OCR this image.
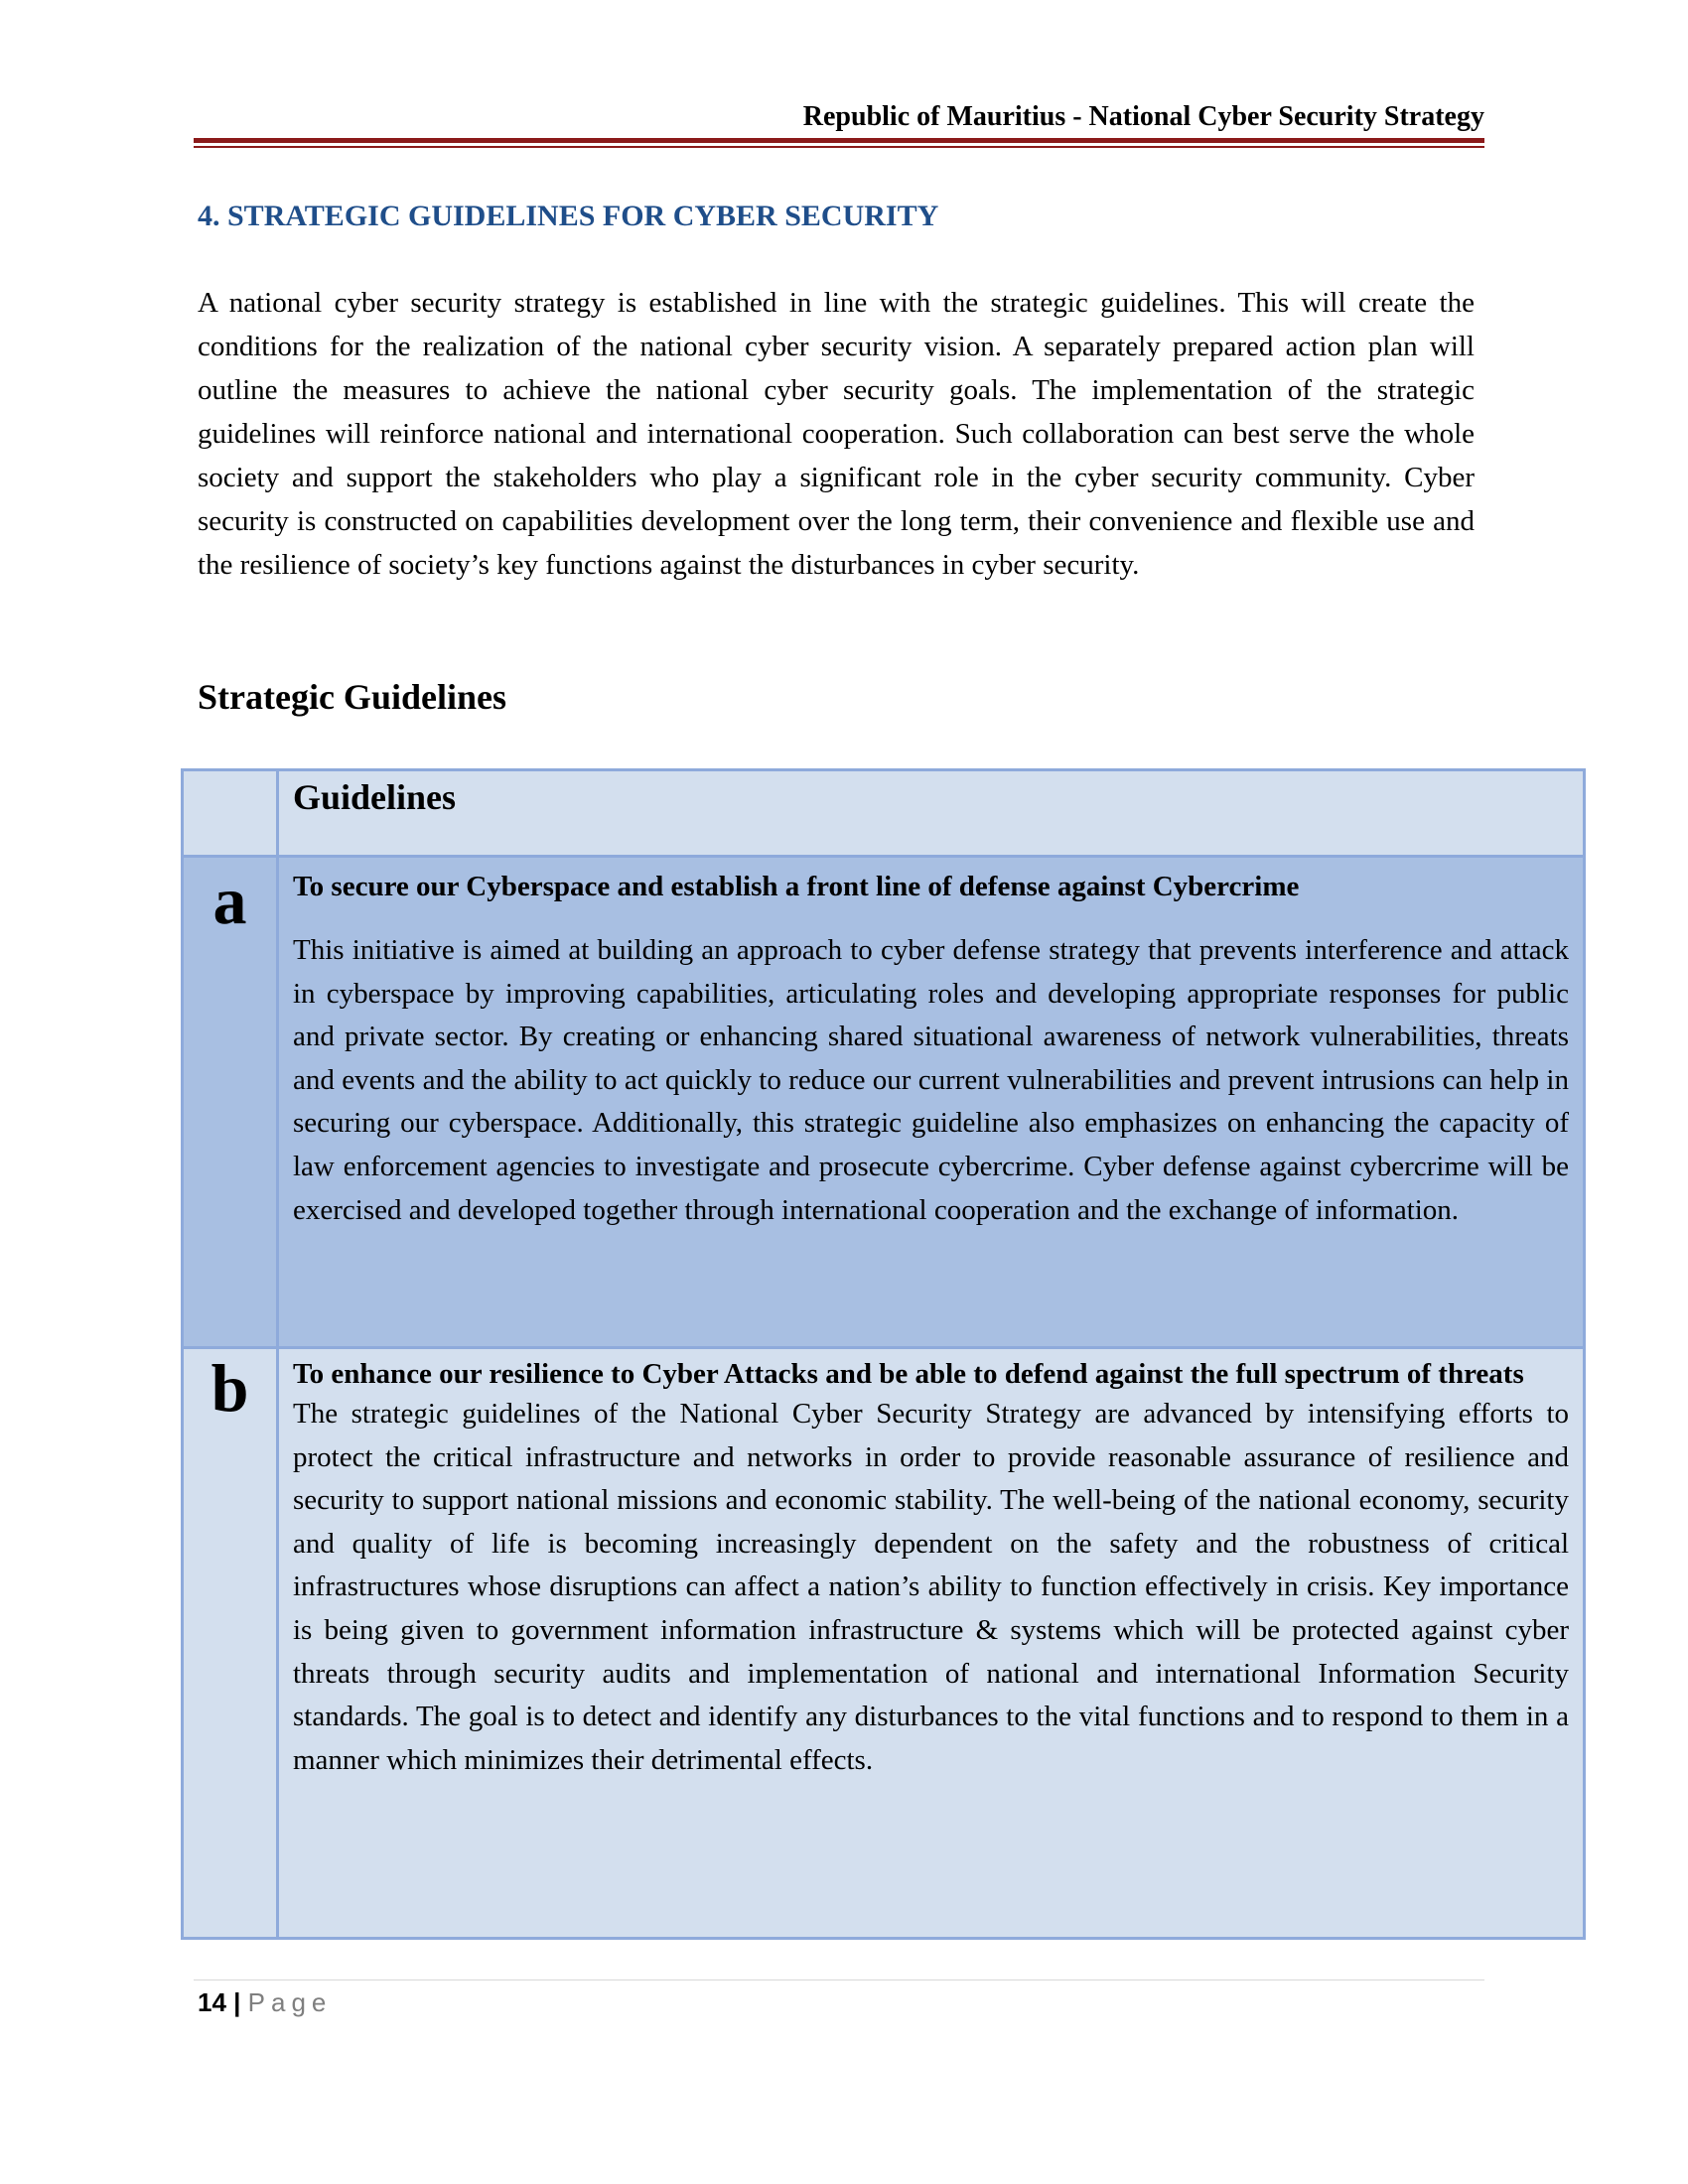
Republic of Mauritius - National Cyber Security Strategy
4. STRATEGIC GUIDELINES FOR CYBER SECURITY

A national cyber security strategy is established in line with the strategic guidelines. This will create the conditions for the realization of the national cyber security vision. A separately prepared action plan will outline the measures to achieve the national cyber security goals. The implementation of the strategic guidelines will reinforce national and international cooperation. Such collaboration can best serve the whole society and support the stakeholders who play a significant role in the cyber security community. Cyber security is constructed on capabilities development over the long term, their convenience and flexible use and the resilience of society’s key functions against the disturbances in cyber security.

Strategic Guidelines

	Guidelines

a	To secure our Cyberspace and establish a front line of defense against Cybercrime

This initiative is aimed at building an approach to cyber defense strategy that prevents interference and attack in cyberspace by improving capabilities, articulating roles and developing appropriate responses for public and private sector. By creating or enhancing shared situational awareness of network vulnerabilities, threats and events and the ability to act quickly to reduce our current vulnerabilities and prevent intrusions can help in securing our cyberspace. Additionally, this strategic guideline also emphasizes on enhancing the capacity of law enforcement agencies to investigate and prosecute cybercrime. Cyber defense against cybercrime will be exercised and developed together through international cooperation and the exchange of information.

b	To enhance our resilience to Cyber Attacks and be able to defend against the full spectrum of threats

The strategic guidelines of the National Cyber Security Strategy are advanced by intensifying efforts to protect the critical infrastructure and networks in order to provide reasonable assurance of resilience and security to support national missions and economic stability. The well-being of the national economy, security and quality of life is becoming increasingly dependent on the safety and the robustness of critical infrastructures whose disruptions can affect a nation’s ability to function effectively in crisis. Key importance is being given to government information infrastructure & systems which will be protected against cyber threats through security audits and implementation of national and international Information Security standards. The goal is to detect and identify any disturbances to the vital functions and to respond to them in a manner which minimizes their detrimental effects.

14 | Page
